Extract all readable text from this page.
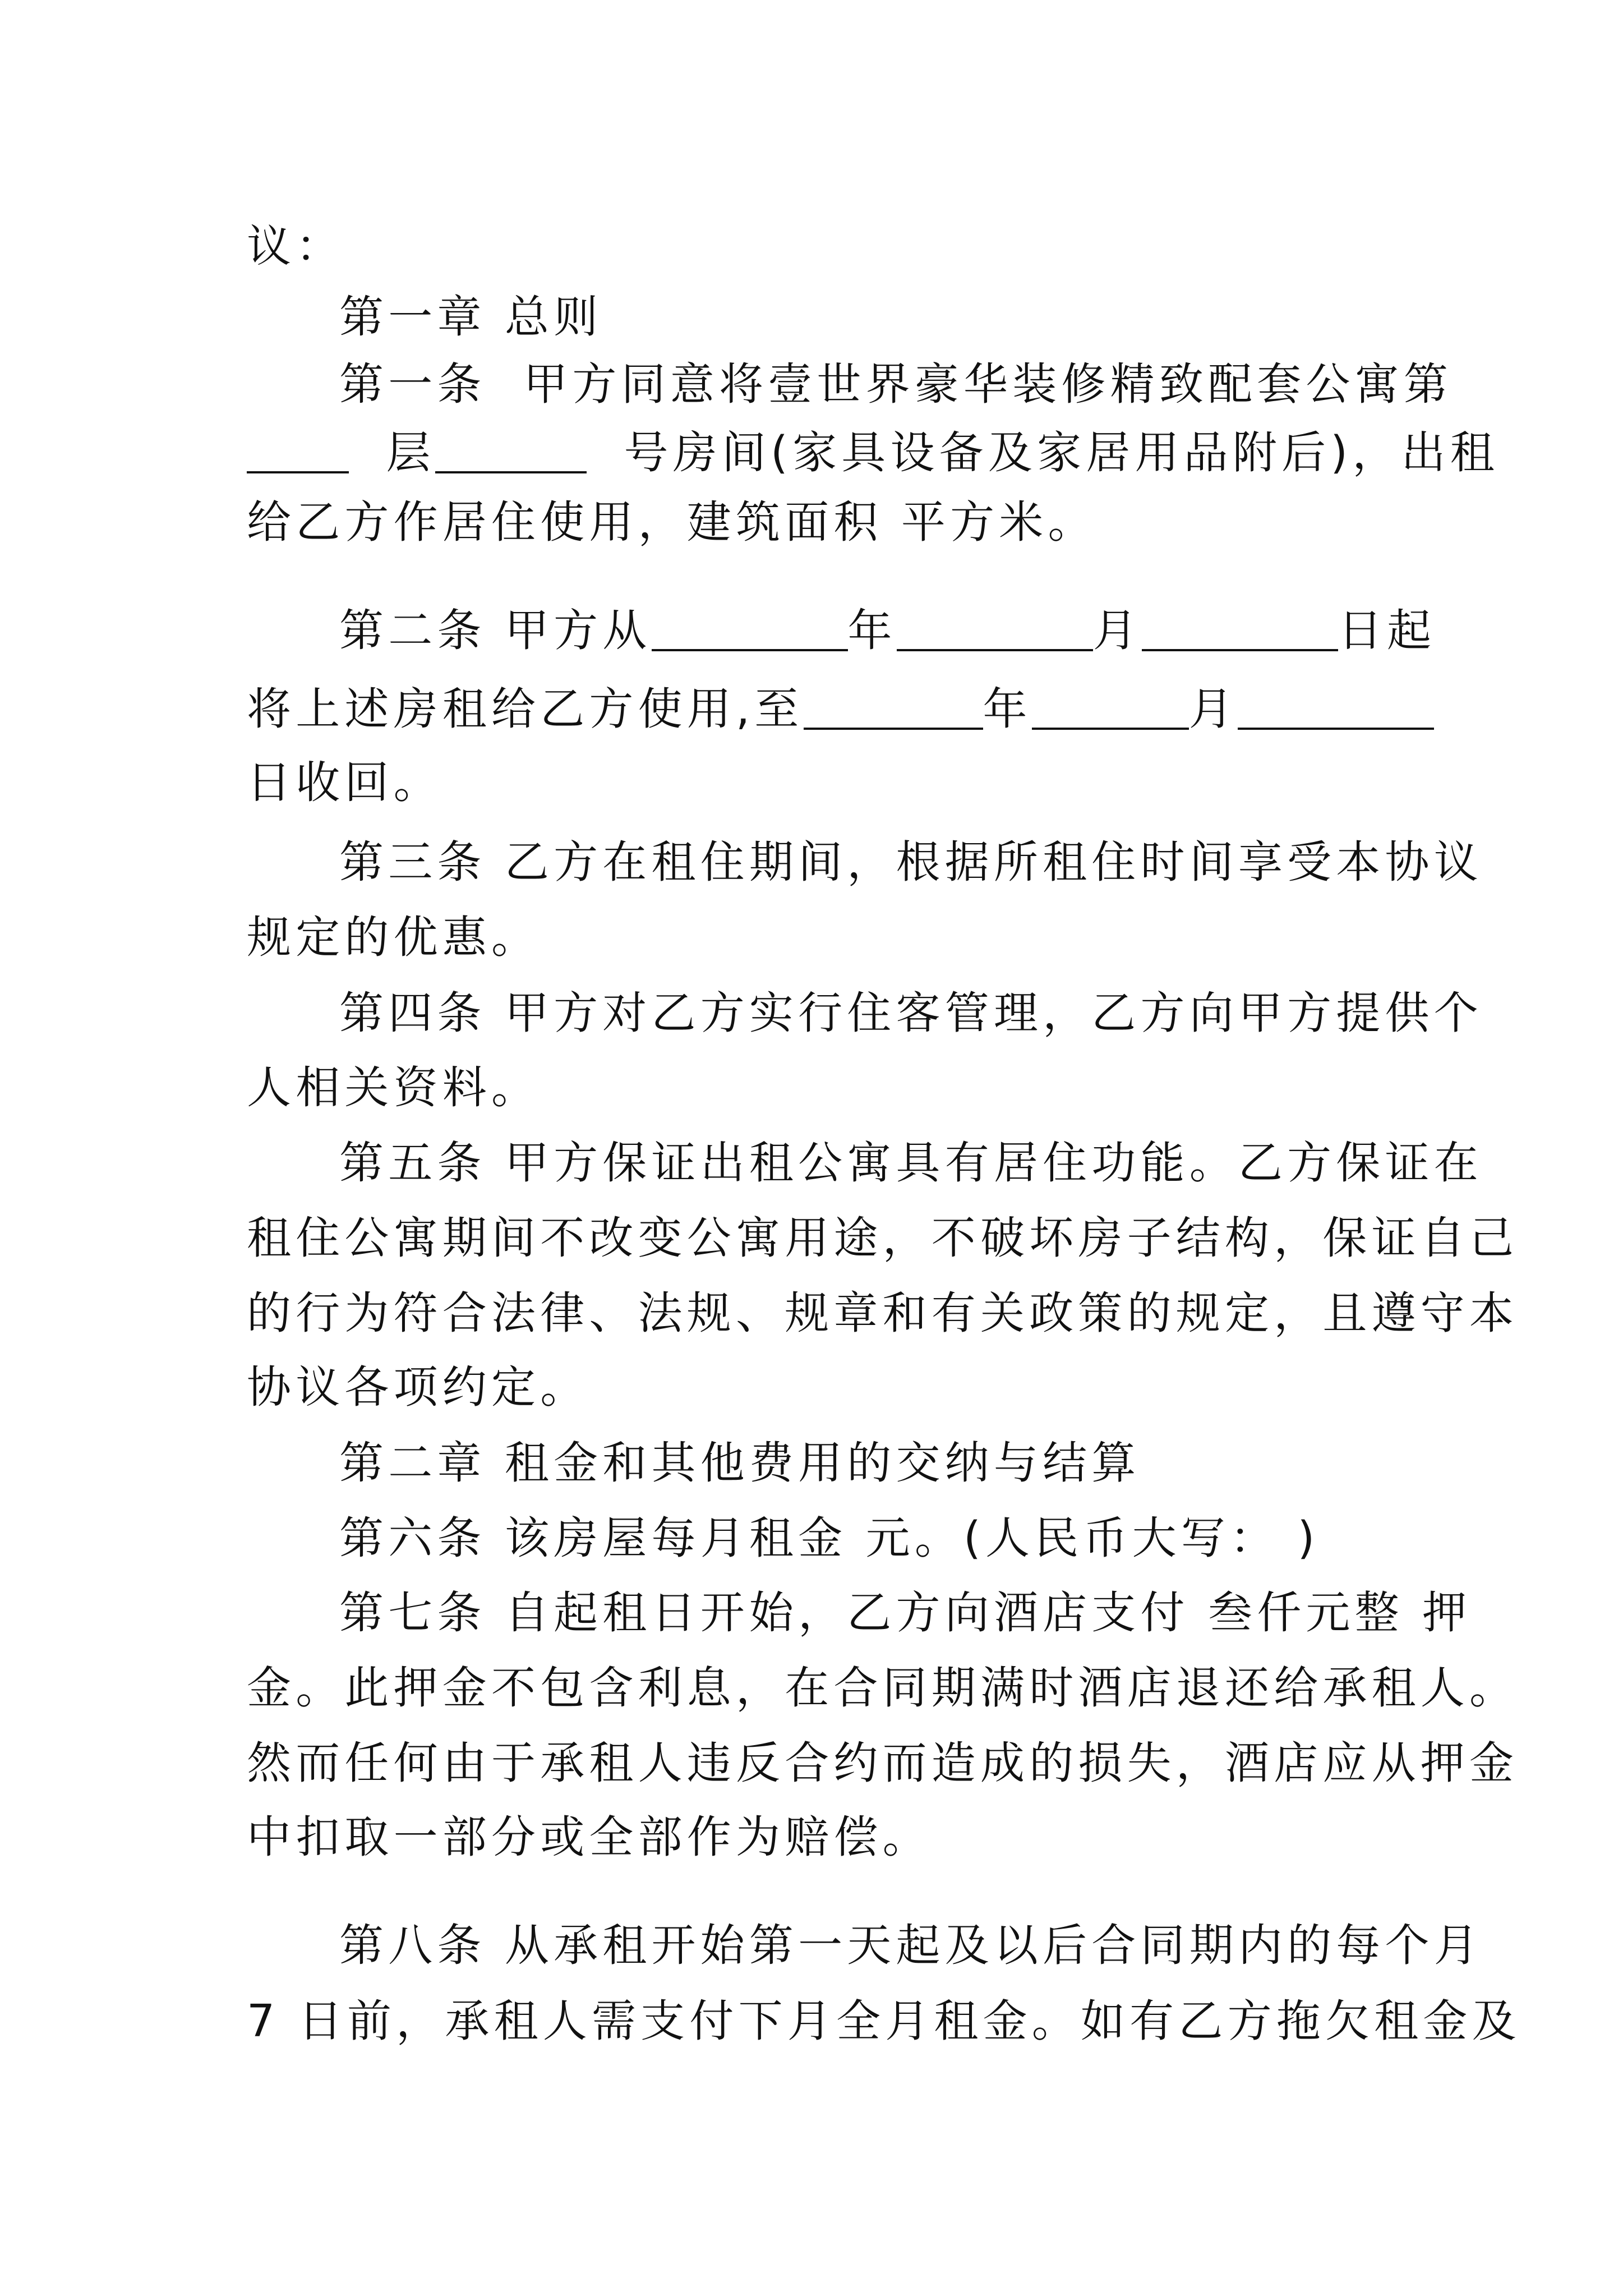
议：
第一章 总则
第一条  甲方同意将壹世界豪华装修精致配套公寓第
层	号房间(家具设备及家居用品附后)，出租
给乙方作居住使用，建筑面积 平方米。
第二条 甲方从	年	月	日起
将上述房租给乙方使用,至	年	月
日收回。
第三条 乙方在租住期间，根据所租住时间享受本协议
规定的优惠。
第四条 甲方对乙方实行住客管理，乙方向甲方提供个
人相关资料。
第五条 甲方保证出租公寓具有居住功能。乙方保证在
租住公寓期间不改变公寓用途，不破坏房子结构，保证自己
的行为符合法律、法规、规章和有关政策的规定，且遵守本
协议各项约定。
第二章 租金和其他费用的交纳与结算
第六条 该房屋每月租金 元。(人民币大写： )
第七条 自起租日开始，乙方向酒店支付 叁仟元整 押
金。此押金不包含利息，在合同期满时酒店退还给承租人。
然而任何由于承租人违反合约而造成的损失，酒店应从押金
中扣取一部分或全部作为赔偿。
第八条 从承租开始第一天起及以后合同期内的每个月
7 日前，承租人需支付下月全月租金。如有乙方拖欠租金及
